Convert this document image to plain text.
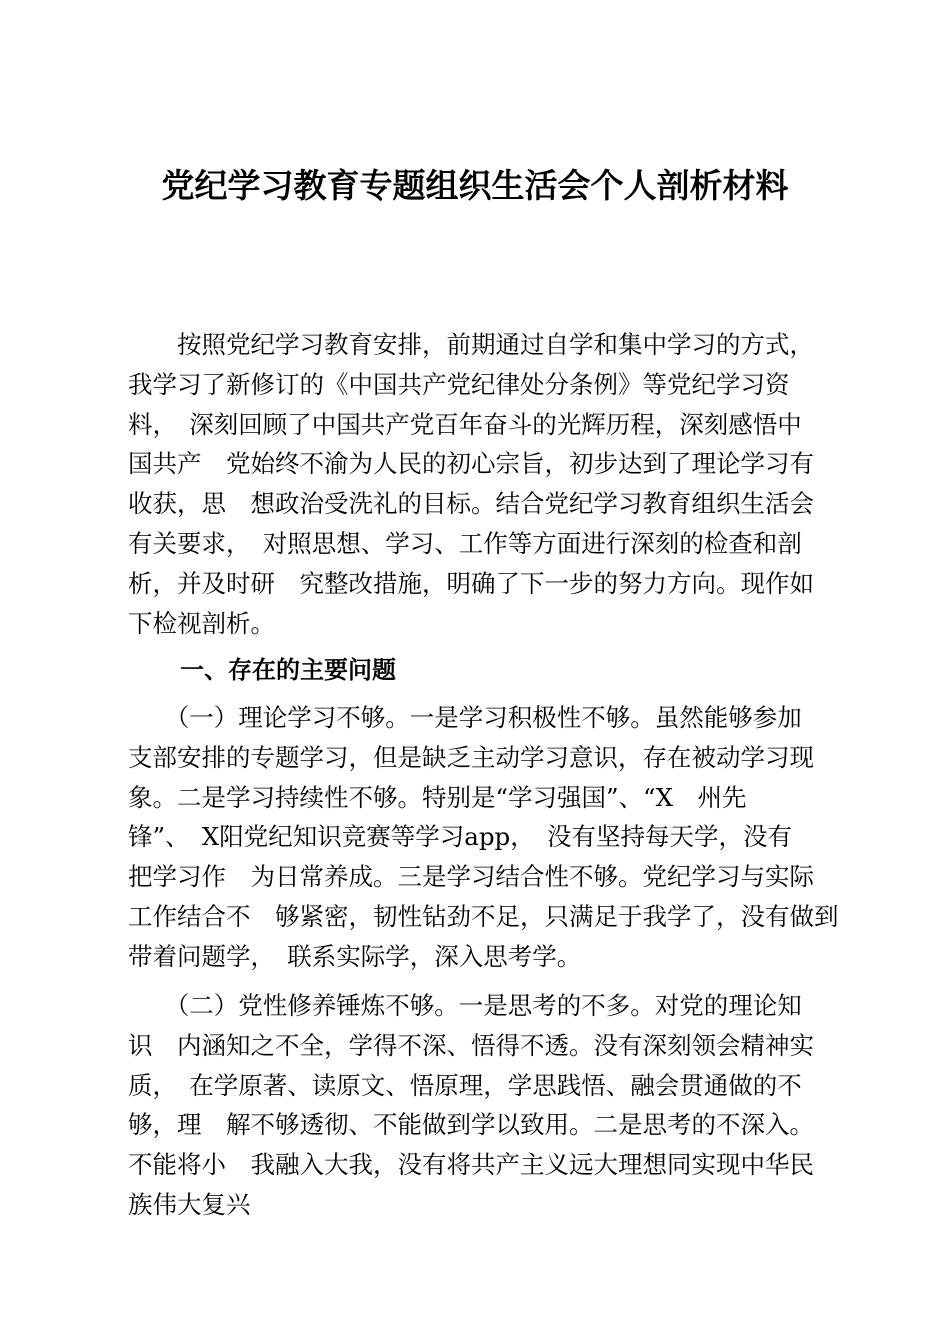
党纪学习教育专题组织生活会个人剖析材料
　　按照党纪学习教育安排，前期通过自学和集中学习的方式，
我学习了新修订的《中国共产党纪律处分条例》等党纪学习资
料，　深刻回顾了中国共产党百年奋斗的光辉历程，深刻感悟中
国共产　党始终不渝为人民的初心宗旨，初步达到了理论学习有
收获，思　想政治受洗礼的目标。结合党纪学习教育组织生活会
有关要求，　对照思想、学习、工作等方面进行深刻的检查和剖
析，并及时研　究整改措施，明确了下一步的努力方向。现作如
下检视剖析。
一、存在的主要问题
　　（一）理论学习不够。一是学习积极性不够。虽然能够参加
支部安排的专题学习，但是缺乏主动学习意识，存在被动学习现
象。二是学习持续性不够。特别是“学习强国”、“X　州先
锋”、　X阳党纪知识竞赛等学习app，　没有坚持每天学，没有
把学习作　为日常养成。三是学习结合性不够。党纪学习与实际
工作结合不　够紧密，韧性钻劲不足，只满足于我学了，没有做到
带着问题学，　联系实际学，深入思考学。
　　（二）党性修养锤炼不够。一是思考的不多。对党的理论知
识　内涵知之不全，学得不深、悟得不透。没有深刻领会精神实
质，　在学原著、读原文、悟原理，学思践悟、融会贯通做的不
够，理　解不够透彻、不能做到学以致用。二是思考的不深入。
不能将小　我融入大我，没有将共产主义远大理想同实现中华民
族伟大复兴
